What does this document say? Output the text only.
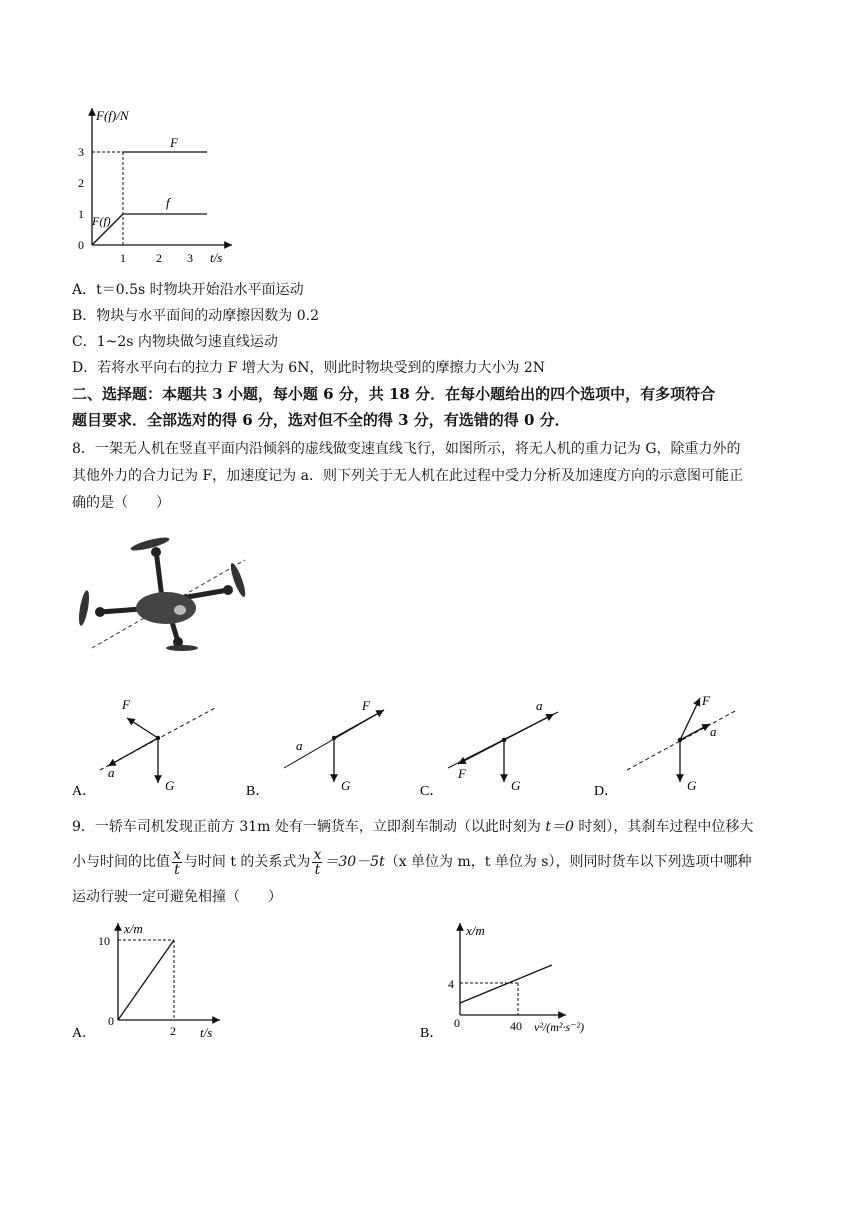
F(f)/N
t/s
3
2
1
0
1	2 3
F
f
F(f)
A．t＝0.5s 时物块开始沿水平面运动
B．物块与水平面间的动摩擦因数为 0.2
C．1~2s 内物块做匀速直线运动
D．若将水平向右的拉力 F 增大为 6N，则此时物块受到的摩擦力大小为 2N
二、选择题：本题共 3 小题，每小题 6 分，共 18 分．在每小题给出的四个选项中，有多项符合
题目要求．全部选对的得 6 分，选对但不全的得 3 分，有选错的得 0 分．
8．一架无人机在竖直平面内沿倾斜的虚线做变速直线飞行，如图所示，将无人机的重力记为 G，除重力外的
其他外力的合力记为 F，加速度记为 a．则下列关于无人机在此过程中受力分析及加速度方向的示意图可能正
确的是（　　）
F
a
G
A．
F
a
G
B．
a
F
G
C．
F
a
G
D．
9．一轿车司机发现正前方 31m 处有一辆货车，立即刹车制动（以此时刻为 t＝0 时刻），其刹车过程中位移大
小与时间的比值 $\frac{x}{t}$ 与时间 t 的关系式为 $\frac{x}{t} =30-5t(x$ 单位为 m，t 单位为 s），则同时货车以下列选项中哪种
运动行驶一定可避免相撞（　　）
x/m
t/s
10
2
0
A．
x/m
v²/(m²·s⁻²)
4
40
0
B．
